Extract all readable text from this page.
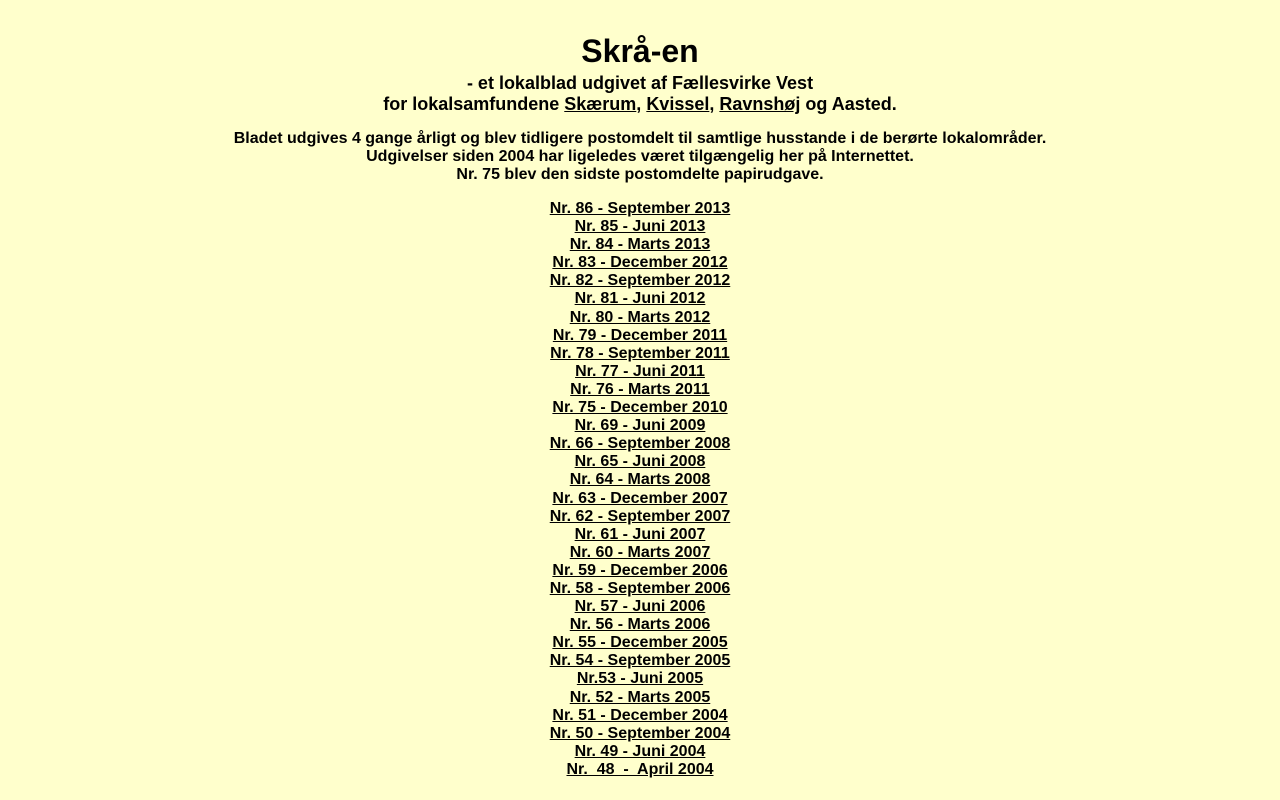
Skrå-en
- et lokalblad udgivet af Fællesvirke Vest
for lokalsamfundene Skærum, Kvissel, Ravnshøj og Aasted.
Bladet udgives 4 gange årligt og blev tidligere postomdelt til samtlige husstande i de berørte lokalområder.
Udgivelser siden 2004 har ligeledes været tilgængelig her på Internettet.
Nr. 75 blev den sidste postomdelte papirudgave.
Nr. 86 - September 2013
Nr. 85 - Juni 2013
Nr. 84 - Marts 2013
Nr. 83 - December 2012
Nr. 82 - September 2012
Nr. 81 - Juni 2012
Nr. 80 - Marts 2012
Nr. 79 - December 2011
Nr. 78 - September 2011
Nr. 77 - Juni 2011
Nr. 76 - Marts 2011
Nr. 75 - December 2010
Nr. 69 - Juni 2009
Nr. 66 - September 2008
Nr. 65 - Juni 2008
Nr. 64 - Marts 2008
Nr. 63 - December 2007
Nr. 62 - September 2007
Nr. 61 - Juni 2007
Nr. 60 - Marts 2007
Nr. 59 - December 2006
Nr. 58 - September 2006
Nr. 57 - Juni 2006
Nr. 56 - Marts 2006
Nr. 55 - December 2005
Nr. 54 - September 2005
Nr.53 - Juni 2005
Nr. 52 - Marts 2005
Nr. 51 - December 2004
Nr. 50 - September 2004
Nr. 49 - Juni 2004
Nr.  48  -  April 2004
